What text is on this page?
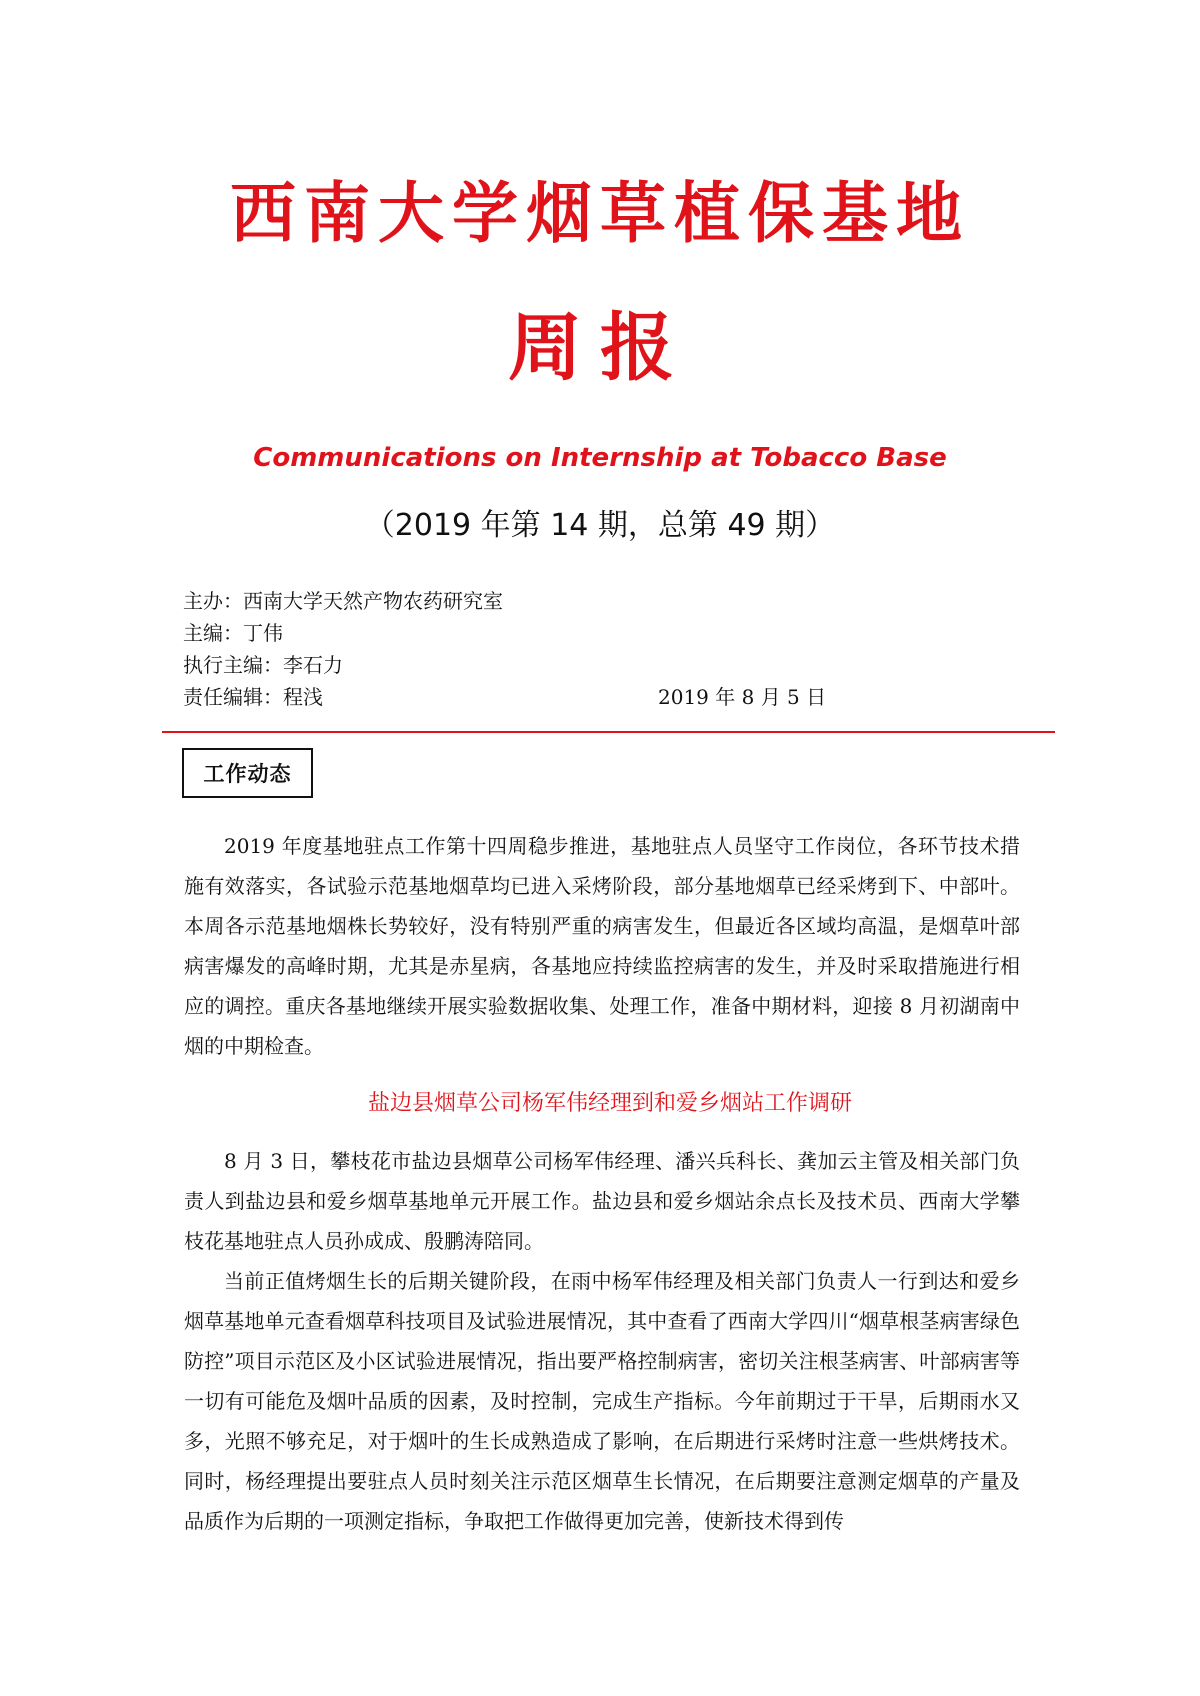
西南大学烟草植保基地
周报
Communications on Internship at Tobacco Base
（2019 年第 14 期，总第 49 期）
主办：西南大学天然产物农药研究室
主编：丁伟
执行主编：李石力
责任编辑：程浅	2019 年 8 月 5 日
工作动态

2019 年度基地驻点工作第十四周稳步推进，基地驻点人员坚守工作岗位，各环节技术措施有效落实，各试验示范基地烟草均已进入采烤阶段，部分基地烟草已经采烤到下、中部叶。本周各示范基地烟株长势较好，没有特别严重的病害发生，但最近各区域均高温，是烟草叶部病害爆发的高峰时期，尤其是赤星病，各基地应持续监控病害的发生，并及时采取措施进行相应的调控。重庆各基地继续开展实验数据收集、处理工作，准备中期材料，迎接 8 月初湖南中烟的中期检查。

盐边县烟草公司杨军伟经理到和爱乡烟站工作调研

8 月 3 日，攀枝花市盐边县烟草公司杨军伟经理、潘兴兵科长、龚加云主管及相关部门负责人到盐边县和爱乡烟草基地单元开展工作。盐边县和爱乡烟站余点长及技术员、西南大学攀枝花基地驻点人员孙成成、殷鹏涛陪同。

当前正值烤烟生长的后期关键阶段，在雨中杨军伟经理及相关部门负责人一行到达和爱乡烟草基地单元查看烟草科技项目及试验进展情况，其中查看了西南大学四川“烟草根茎病害绿色防控”项目示范区及小区试验进展情况，指出要严格控制病害，密切关注根茎病害、叶部病害等一切有可能危及烟叶品质的因素，及时控制，完成生产指标。今年前期过于干旱，后期雨水又多，光照不够充足，对于烟叶的生长成熟造成了影响，在后期进行采烤时注意一些烘烤技术。同时，杨经理提出要驻点人员时刻关注示范区烟草生长情况，在后期要注意测定烟草的产量及品质作为后期的一项测定指标，争取把工作做得更加完善，使新技术得到传
